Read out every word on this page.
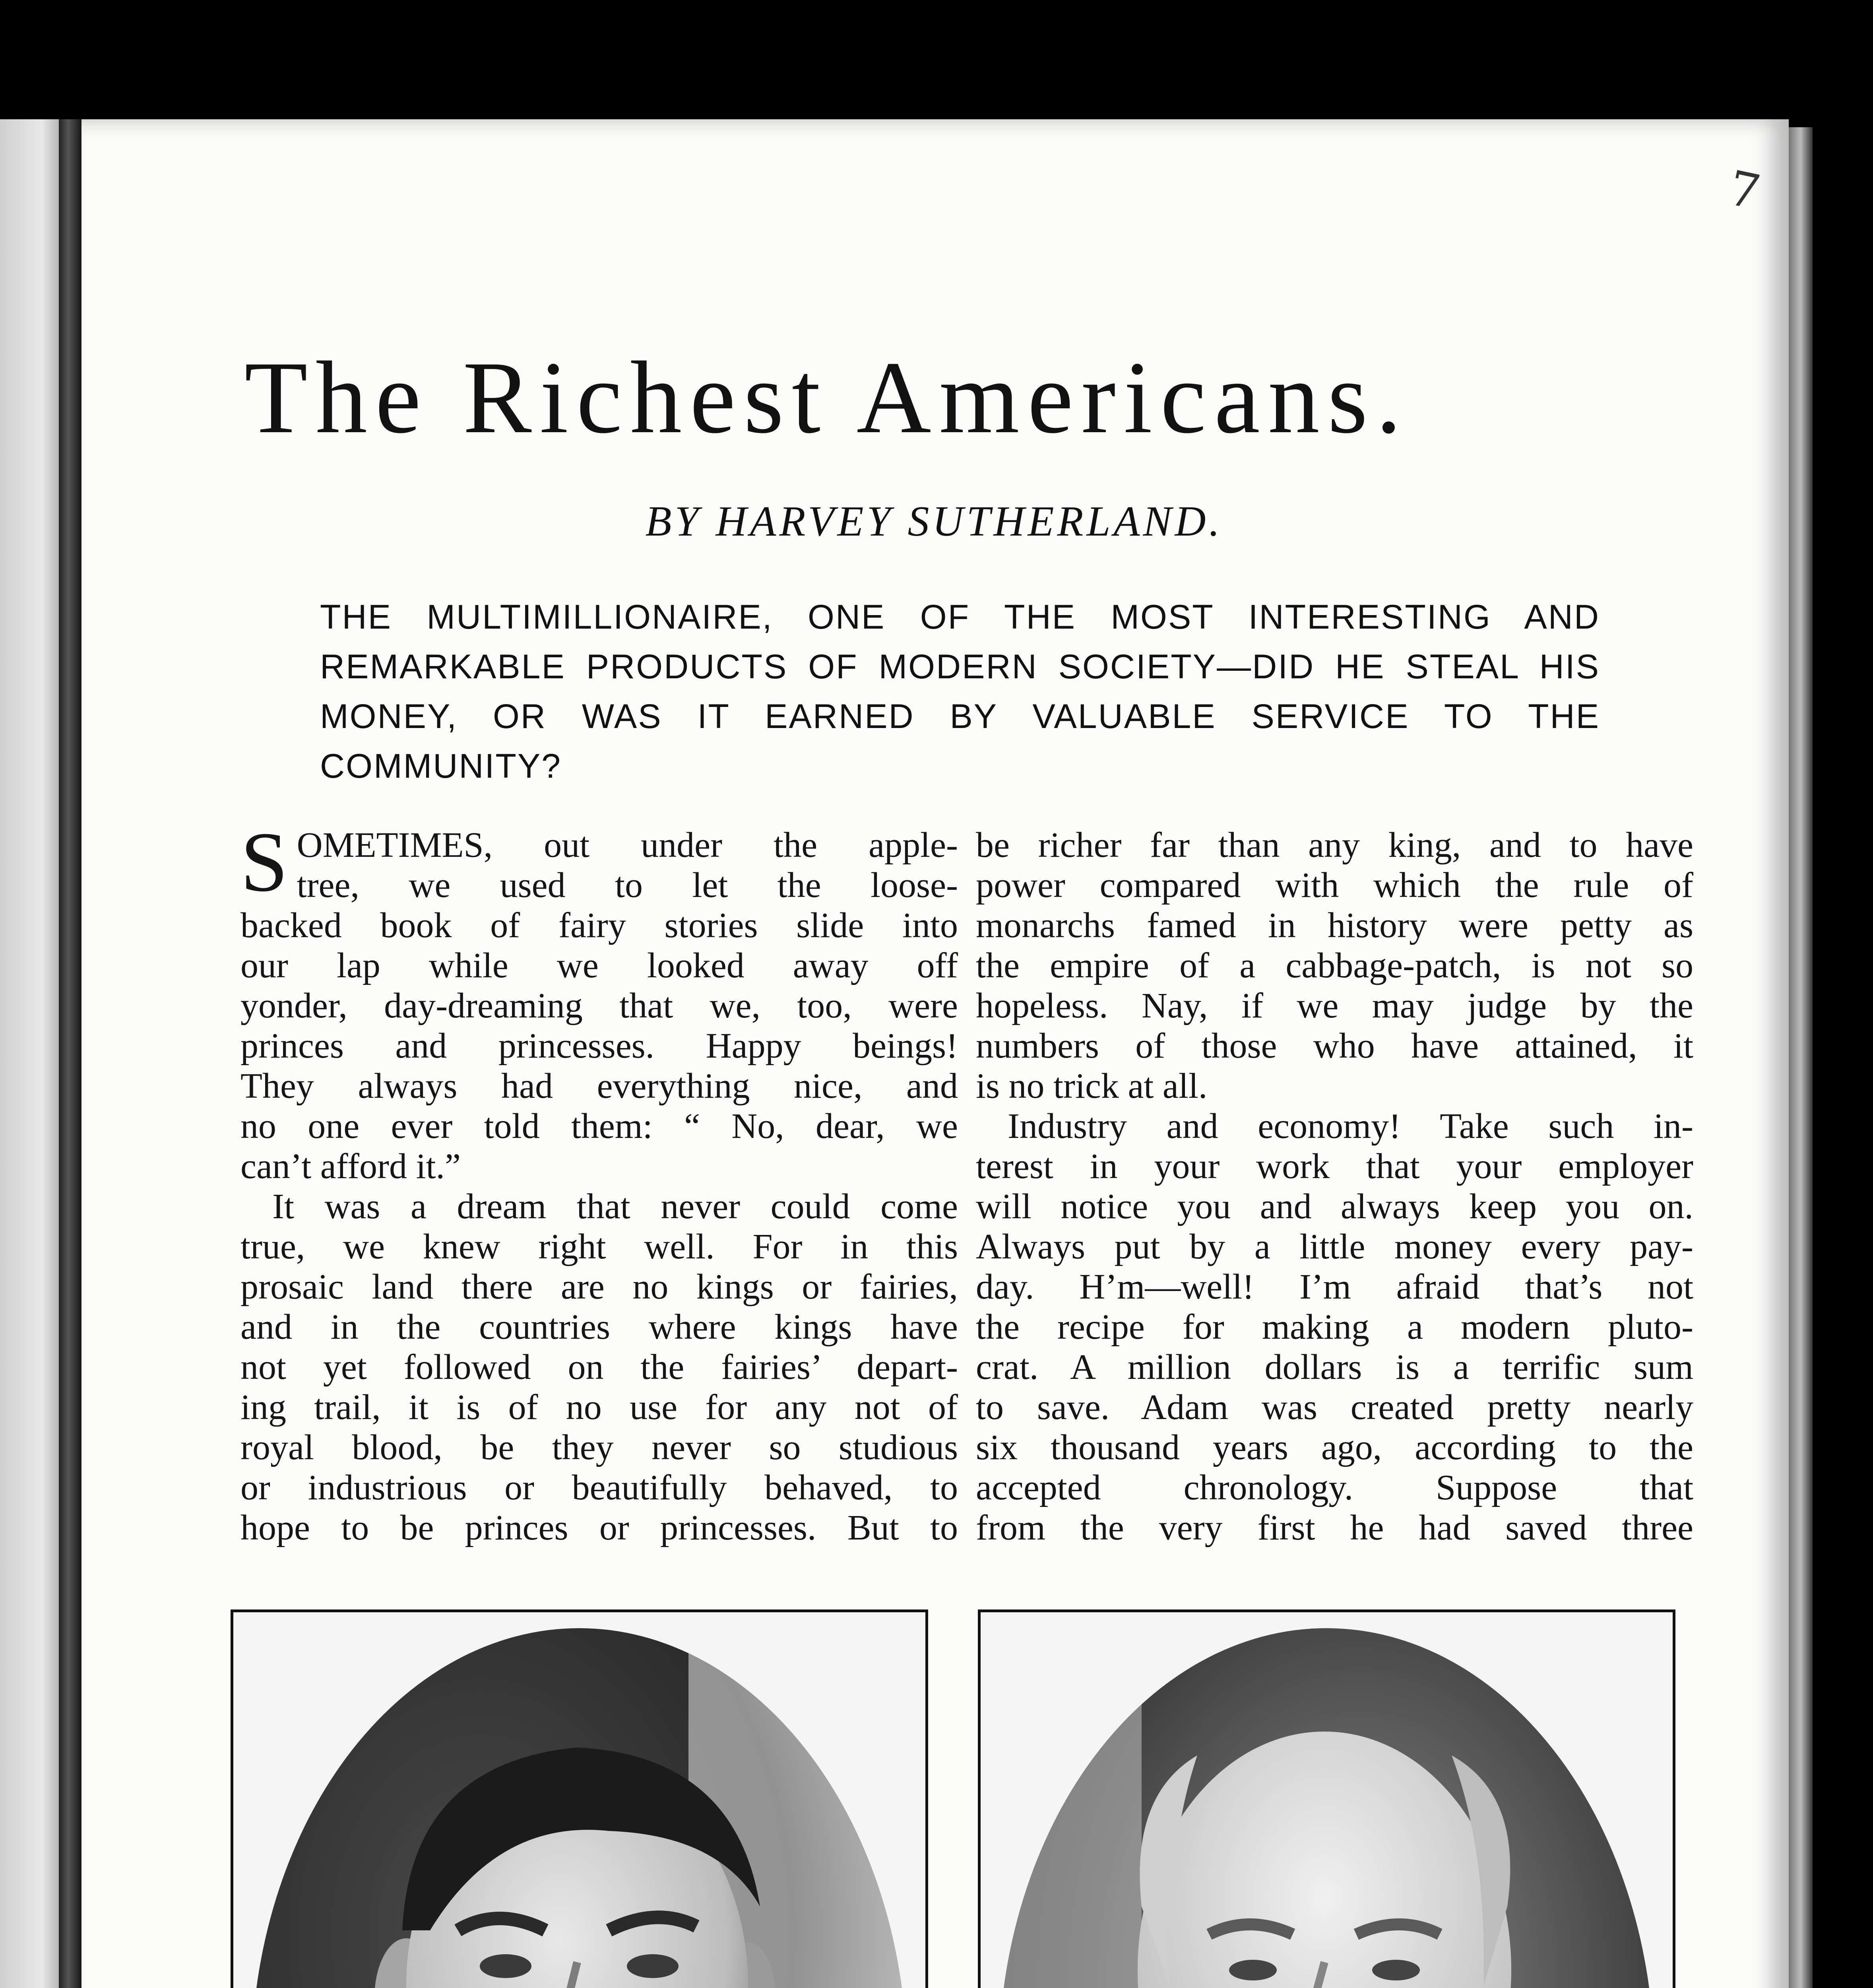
7
The Richest Americans.
BY HARVEY SUTHERLAND.
THE MULTIMILLIONAIRE, ONE OF THE MOST INTERESTING AND REMARKABLE PRODUCTS OF MODERN SOCIETY—DID HE STEAL HIS MONEY, OR WAS IT EARNED BY VALUABLE SERVICE TO THE COMMUNITY?
S OMETIMES, out under the apple-
tree, we used to let the loose-
backed book of fairy stories slide into
our lap while we looked away off
yonder, day-dreaming that we, too, were
princes and princesses. Happy beings!
They always had everything nice, and
no one ever told them: “ No, dear, we
can’t afford it.”
It was a dream that never could come
true, we knew right well. For in this
prosaic land there are no kings or fairies,
and in the countries where kings have
not yet followed on the fairies’ depart-
ing trail, it is of no use for any not of
royal blood, be they never so studious
or industrious or beautifully behaved, to
hope to be princes or princesses. But to
be richer far than any king, and to have
power compared with which the rule of
monarchs famed in history were petty as
the empire of a cabbage-patch, is not so
hopeless. Nay, if we may judge by the
numbers of those who have attained, it
is no trick at all.
Industry and economy! Take such in-
terest in your work that your employer
will notice you and always keep you on.
Always put by a little money every pay-
day. H’m—well! I’m afraid that’s not
the recipe for making a modern pluto-
crat. A million dollars is a terrific sum
to save. Adam was created pretty nearly
six thousand years ago, according to the
accepted chronology. Suppose that
from the very first he had saved three
